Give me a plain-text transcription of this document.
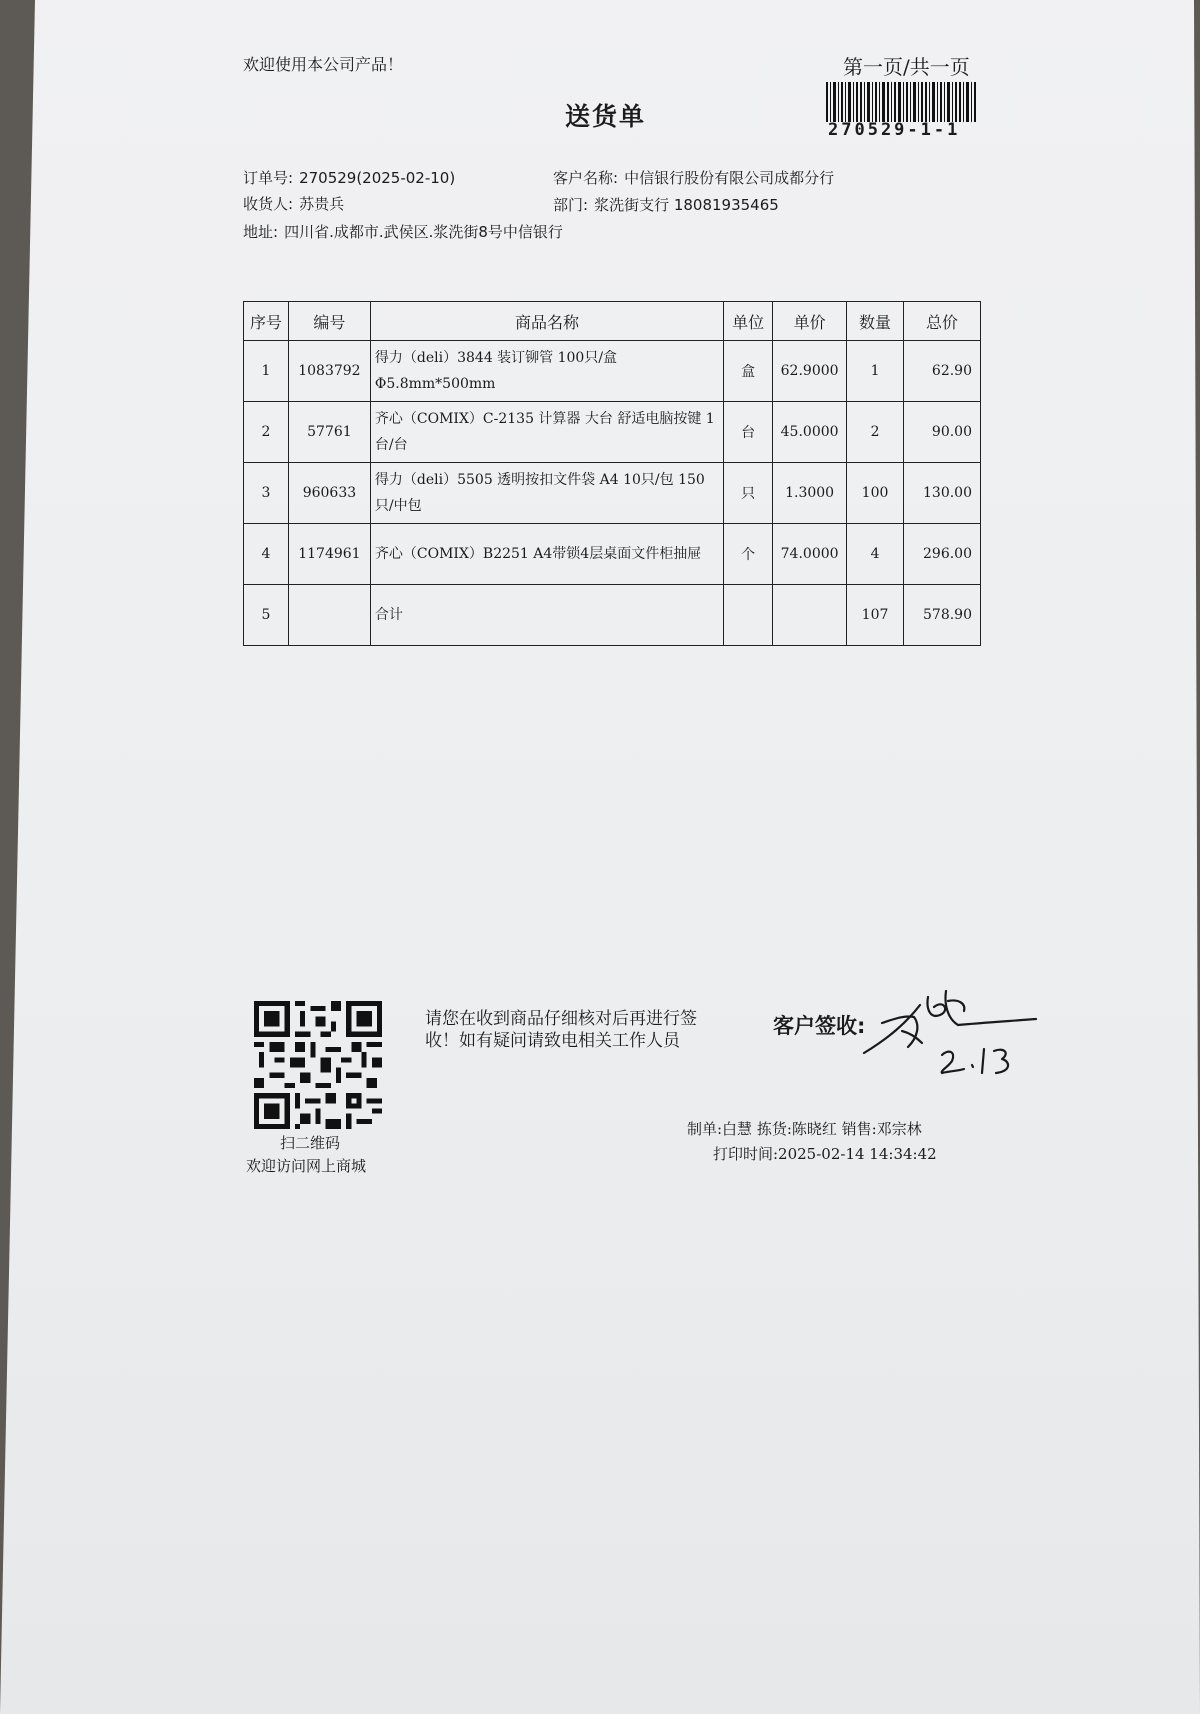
欢迎使用本公司产品！	第一页/共一页
送货单	270529-1-1
订单号: 270529(2025-02-10)	客户名称: 中信银行股份有限公司成都分行
收货人: 苏贵兵	部门: 浆洗街支行 18081935465
地址: 四川省.成都市.武侯区.浆洗街8号中信银行
序号	编号	商品名称	单位	单价	数量	总价
1	1083792	得力（deli）3844 装订铆管 100只/盒 Φ5.8mm*500mm	盒	62.9000	1	62.90
2	57761	齐心（COMIX）C-2135 计算器 大台 舒适电脑按键 1台/台	台	45.0000	2	90.00
3	960633	得力（deli）5505 透明按扣文件袋 A4 10只/包 150只/中包	只	1.3000	100	130.00
4	1174961	齐心（COMIX）B2251 A4带锁4层桌面文件柜抽屉	个	74.0000	4	296.00
5		合计			107	578.90
扫二维码
欢迎访问网上商城
请您在收到商品仔细核对后再进行签收！如有疑问请致电相关工作人员
客户签收:
制单:白慧 拣货:陈晓红 销售:邓宗林
打印时间:2025-02-14 14:34:42
